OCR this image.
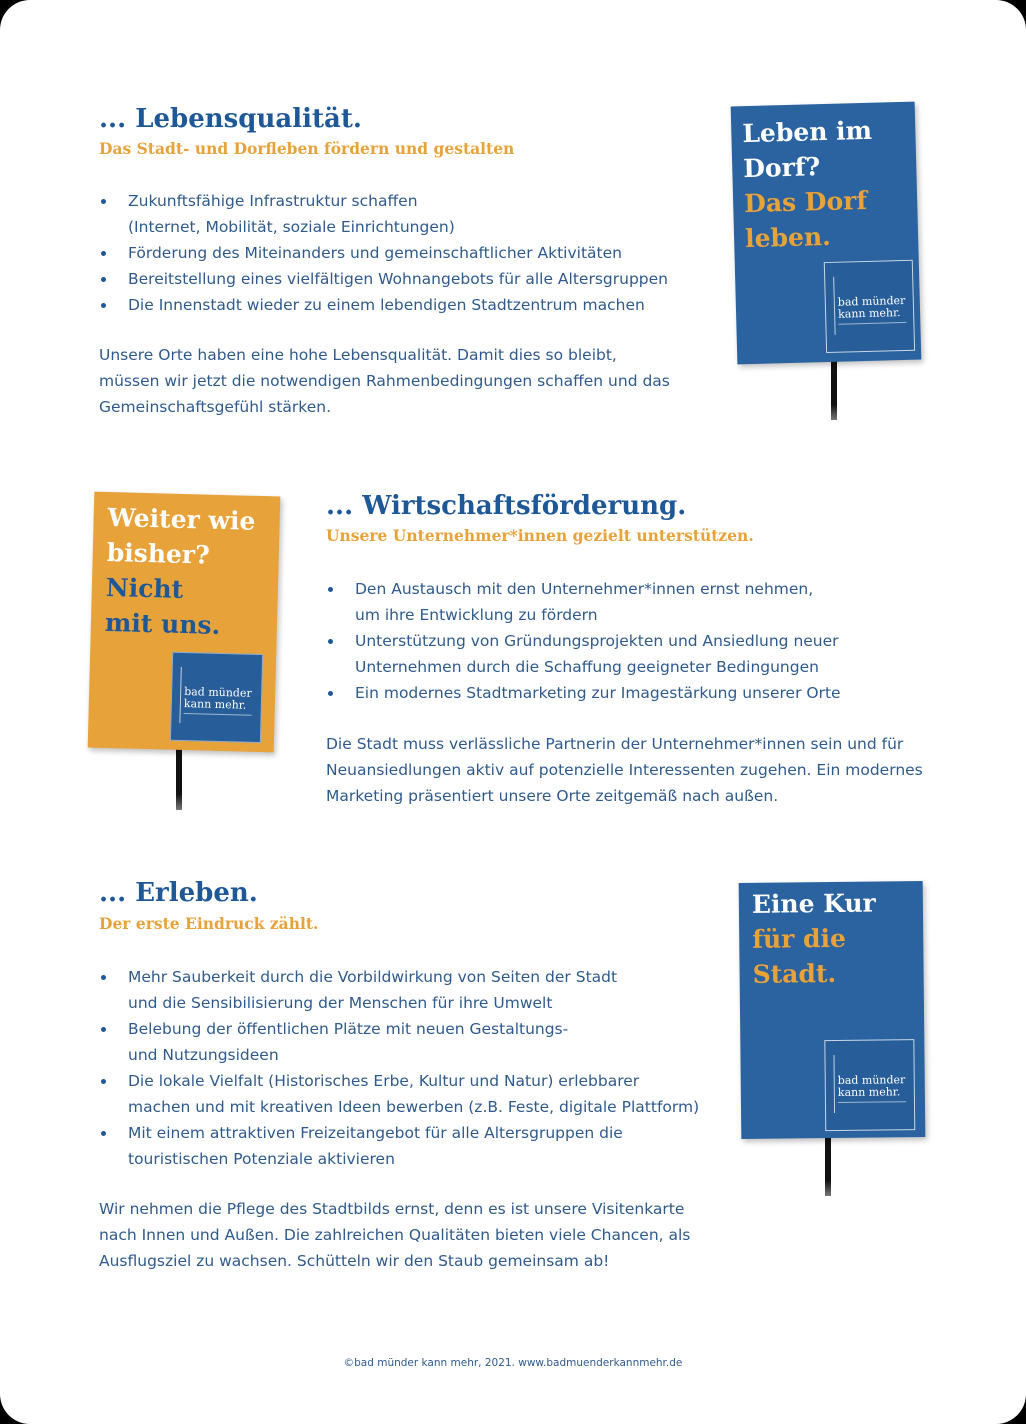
... Lebensqualität.
Das Stadt- und Dorfleben fördern und gestalten
Zukunftsfähige Infrastruktur schaffen
(Internet, Mobilität, soziale Einrichtungen)
Förderung des Miteinanders und gemeinschaftlicher Aktivitäten
Bereitstellung eines vielfältigen Wohnangebots für alle Altersgruppen
Die Innenstadt wieder zu einem lebendigen Stadtzentrum machen

Unsere Orte haben eine hohe Lebensqualität. Damit dies so bleibt,
müssen wir jetzt die notwendigen Rahmenbedingungen schaffen und das
Gemeinschaftsgefühl stärken.

Leben im
Dorf?
Das Dorf
leben.
bad münder
kann mehr.
... Wirtschaftsförderung.
Unsere Unternehmer*innen gezielt unterstützen.
Den Austausch mit den Unternehmer*innen ernst nehmen,
um ihre Entwicklung zu fördern
Unterstützung von Gründungsprojekten und Ansiedlung neuer
Unternehmen durch die Schaffung geeigneter Bedingungen
Ein modernes Stadtmarketing zur Imagestärkung unserer Orte

Die Stadt muss verlässliche Partnerin der Unternehmer*innen sein und für
Neuansiedlungen aktiv auf potenzielle Interessenten zugehen. Ein modernes
Marketing präsentiert unsere Orte zeitgemäß nach außen.

Weiter wie
bisher?
Nicht
mit uns.
bad münder
kann mehr.
... Erleben.
Der erste Eindruck zählt.
Mehr Sauberkeit durch die Vorbildwirkung von Seiten der Stadt
und die Sensibilisierung der Menschen für ihre Umwelt
Belebung der öffentlichen Plätze mit neuen Gestaltungs-
und Nutzungsideen
Die lokale Vielfalt (Historisches Erbe, Kultur und Natur) erlebbarer
machen und mit kreativen Ideen bewerben (z.B. Feste, digitale Plattform)
Mit einem attraktiven Freizeitangebot für alle Altersgruppen die
touristischen Potenziale aktivieren

Wir nehmen die Pflege des Stadtbilds ernst, denn es ist unsere Visitenkarte
nach Innen und Außen. Die zahlreichen Qualitäten bieten viele Chancen, als
Ausflugsziel zu wachsen. Schütteln wir den Staub gemeinsam ab!

Eine Kur
für die
Stadt.
bad münder
kann mehr.
©bad münder kann mehr, 2021. www.badmuenderkannmehr.de
